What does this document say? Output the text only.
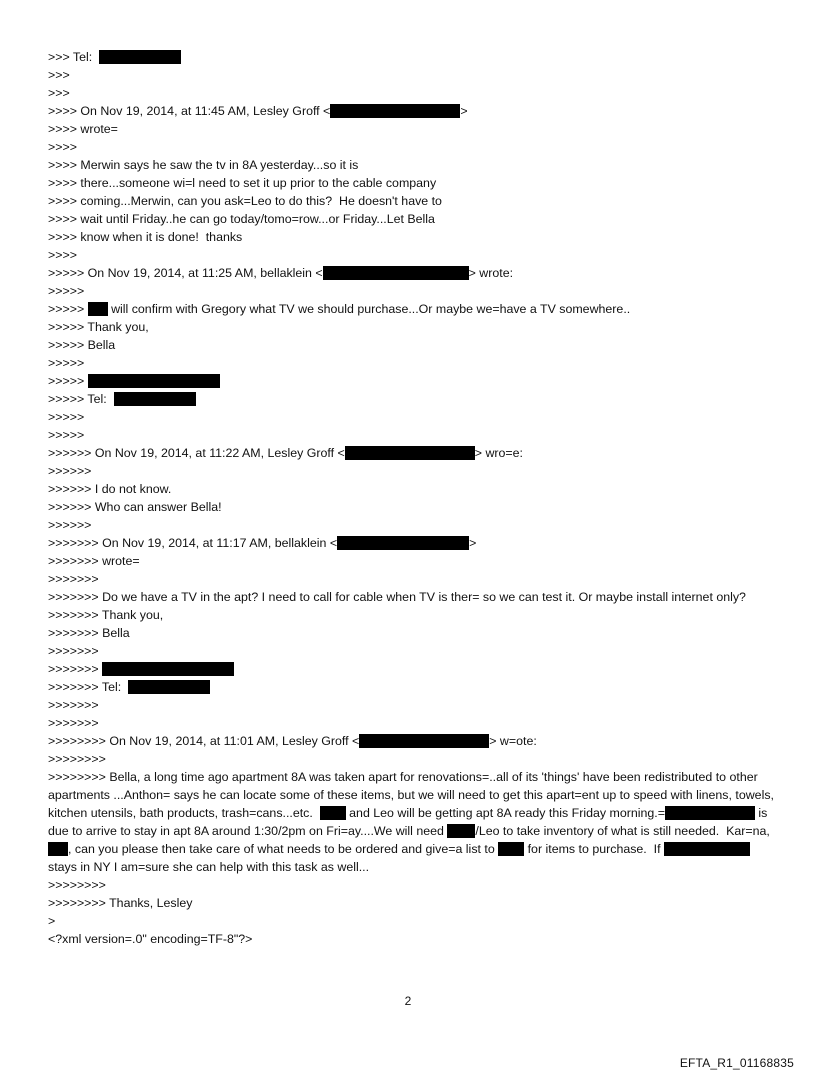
>>> Tel:
>>>
>>>
>>>> On Nov 19, 2014, at 11:45 AM, Lesley Groff <	>
>>>> wrote=
>>>>
>>>> Merwin says he saw the tv in 8A yesterday...so it is
>>>> there...someone wi=l need to set it up prior to the cable company
>>>> coming...Merwin, can you ask=Leo to do this?  He doesn't have to
>>>> wait until Friday..he can go today/tomo=row...or Friday...Let Bella
>>>> know when it is done!  thanks
>>>>
>>>>> On Nov 19, 2014, at 11:25 AM, bellaklein <	> wrote:
>>>>>
>>>>>  will confirm with Gregory what TV we should purchase...Or maybe we=have a TV somewhere..
>>>>> Thank you,
>>>>> Bella
>>>>>
>>>>>
>>>>> Tel:
>>>>>
>>>>>
>>>>>> On Nov 19, 2014, at 11:22 AM, Lesley Groff <	> wro=e:
>>>>>>
>>>>>> I do not know.
>>>>>> Who can answer Bella!
>>>>>>
>>>>>>> On Nov 19, 2014, at 11:17 AM, bellaklein <	>
>>>>>>> wrote=
>>>>>>>
>>>>>>> Do we have a TV in the apt? I need to call for cable when TV is ther= so we can test it. Or maybe install internet only?
>>>>>>> Thank you,
>>>>>>> Bella
>>>>>>>
>>>>>>>
>>>>>>> Tel:
>>>>>>>
>>>>>>>
>>>>>>>> On Nov 19, 2014, at 11:01 AM, Lesley Groff <	> w=ote:
>>>>>>>>
>>>>>>>> Bella, a long time ago apartment 8A was taken apart for renovations=..all of its 'things' have been redistributed to other apartments ...Anthon= says he can locate some of these items, but we will need to get this apart=ent up to speed with linens, towels, kitchen utensils, bath products, trash=cans...etc.   and Leo will be getting apt 8A ready this Friday morning.=	is due to arrive to stay in apt 8A around 1:30/2pm on Fri=ay....We will need /Leo to take inventory of what is still needed.  Kar=na, , can you please then take care of what needs to be ordered and give=a list to  for items to purchase.  If	stays in NY I am=sure she can help with this task as well...
>>>>>>>>
>>>>>>>> Thanks, Lesley
>
<?xml version=.0" encoding=TF-8"?>
2
EFTA_R1_01168835
